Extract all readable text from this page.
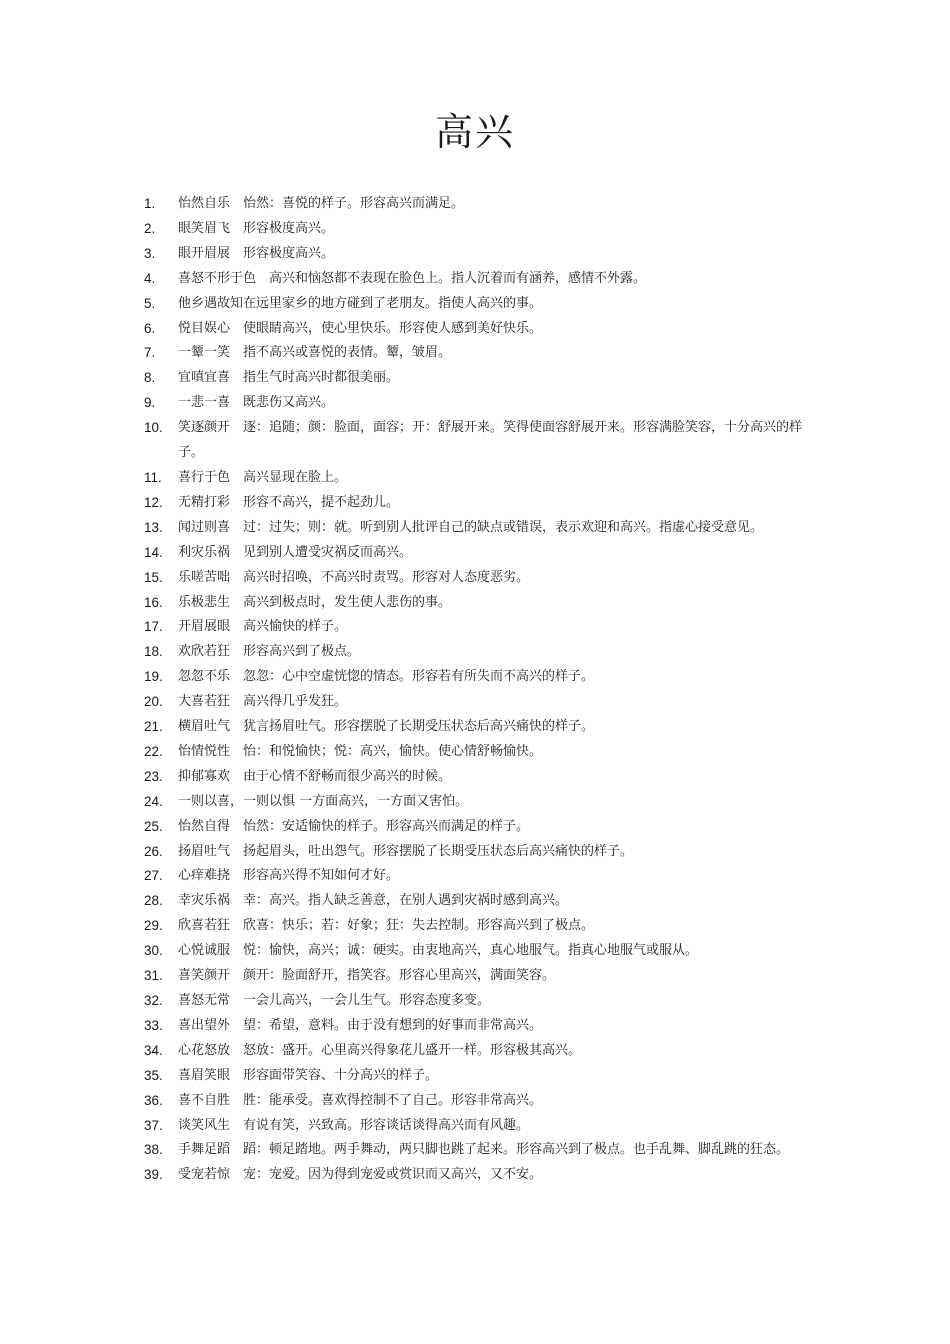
高兴
1. 怡然自乐　怡然：喜悦的样子。形容高兴而满足。
2. 眼笑眉飞　形容极度高兴。
3. 眼开眉展　形容极度高兴。
4. 喜怒不形于色　高兴和恼怒都不表现在脸色上。指人沉着而有涵养，感情不外露。
5. 他乡遇故知在远里家乡的地方碰到了老朋友。指使人高兴的事。
6. 悦目娱心　使眼睛高兴，使心里快乐。形容使人感到美好快乐。
7. 一颦一笑　指不高兴或喜悦的表情。颦，皱眉。
8. 宜嗔宜喜　指生气时高兴时都很美丽。
9. 一悲一喜　既悲伤又高兴。
10. 笑逐颜开　逐：追随；颜：脸面，面容；开：舒展开来。笑得使面容舒展开来。形容满脸笑容，十分高兴的样子。
11. 喜行于色　高兴显现在脸上。
12. 无精打彩　形容不高兴，提不起劲儿。
13. 闻过则喜　过：过失；则：就。听到别人批评自己的缺点或错误，表示欢迎和高兴。指虚心接受意见。
14. 利灾乐祸　见到别人遭受灾祸反而高兴。
15. 乐嗟苦咄　高兴时招唤，不高兴时责骂。形容对人态度恶劣。
16. 乐极悲生　高兴到极点时，发生使人悲伤的事。
17. 开眉展眼　高兴愉快的样子。
18. 欢欣若狂　形容高兴到了极点。
19. 忽忽不乐　忽忽：心中空虚恍惚的情态。形容若有所失而不高兴的样子。
20. 大喜若狂　高兴得几乎发狂。
21. 横眉吐气　犹言扬眉吐气。形容摆脱了长期受压状态后高兴痛快的样子。
22. 怡情悦性　怡：和悦愉快；悦：高兴，愉快。使心情舒畅愉快。
23. 抑郁寡欢　由于心情不舒畅而很少高兴的时候。
24. 一则以喜，一则以惧 一方面高兴，一方面又害怕。
25. 怡然自得　怡然：安适愉快的样子。形容高兴而满足的样子。
26. 扬眉吐气　扬起眉头，吐出怨气。形容摆脱了长期受压状态后高兴痛快的样子。
27. 心痒难挠　形容高兴得不知如何才好。
28. 幸灾乐祸　幸：高兴。指人缺乏善意，在别人遇到灾祸时感到高兴。
29. 欣喜若狂　欣喜：快乐；若：好象；狂：失去控制。形容高兴到了极点。
30. 心悦诚服　悦：愉快，高兴；诚：硬实。由衷地高兴，真心地服气。指真心地服气或服从。
31. 喜笑颜开　颜开：脸面舒开，指笑容。形容心里高兴，满面笑容。
32. 喜怒无常　一会儿高兴，一会儿生气。形容态度多变。
33. 喜出望外　望：希望，意料。由于没有想到的好事而非常高兴。
34. 心花怒放　怒放：盛开。心里高兴得象花儿盛开一样。形容极其高兴。
35. 喜眉笑眼　形容面带笑容、十分高兴的样子。
36. 喜不自胜　胜：能承受。喜欢得控制不了自己。形容非常高兴。
37. 谈笑风生　有说有笑，兴致高。形容谈话谈得高兴而有风趣。
38. 手舞足蹈　蹈：顿足踏地。两手舞动，两只脚也跳了起来。形容高兴到了极点。也手乱舞、脚乱跳的狂态。
39. 受宠若惊　宠：宠爱。因为得到宠爱或赏识而又高兴，又不安。
